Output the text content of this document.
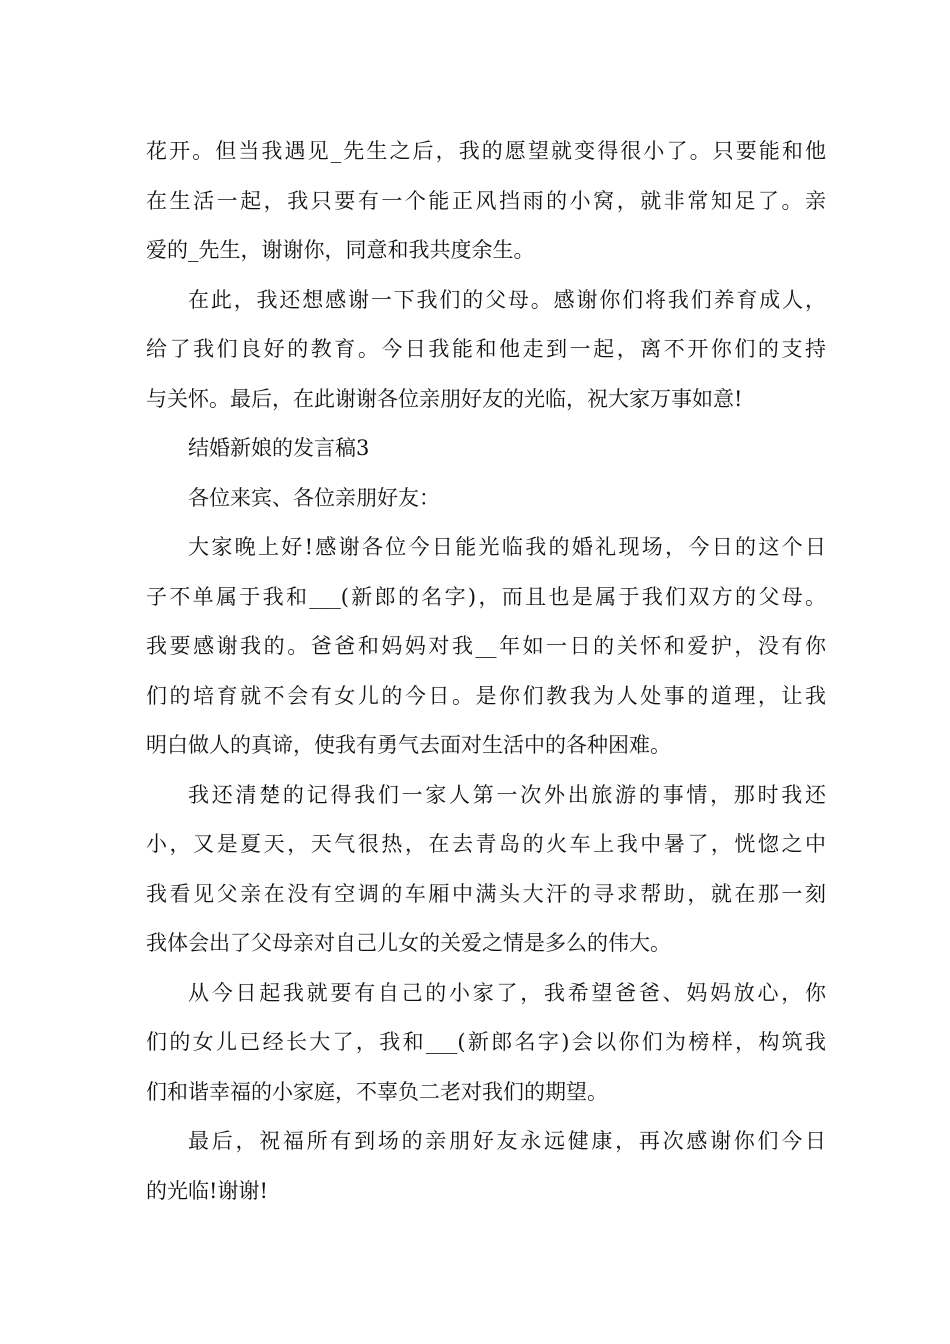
花开。但当我遇见_先生之后，我的愿望就变得很小了。只要能和他
在生活一起，我只要有一个能正风挡雨的小窝，就非常知足了。亲
爱的_先生，谢谢你，同意和我共度余生。
在此，我还想感谢一下我们的父母。感谢你们将我们养育成人，
给了我们良好的教育。今日我能和他走到一起，离不开你们的支持
与关怀。最后，在此谢谢各位亲朋好友的光临，祝大家万事如意!
结婚新娘的发言稿3
各位来宾、各位亲朋好友：
大家晚上好!感谢各位今日能光临我的婚礼现场，今日的这个日
子不单属于我和___(新郎的名字)，而且也是属于我们双方的父母。
我要感谢我的。爸爸和妈妈对我__年如一日的关怀和爱护，没有你
们的培育就不会有女儿的今日。是你们教我为人处事的道理，让我
明白做人的真谛，使我有勇气去面对生活中的各种困难。
我还清楚的记得我们一家人第一次外出旅游的事情，那时我还
小，又是夏天，天气很热，在去青岛的火车上我中暑了，恍惚之中
我看见父亲在没有空调的车厢中满头大汗的寻求帮助，就在那一刻
我体会出了父母亲对自己儿女的关爱之情是多么的伟大。
从今日起我就要有自己的小家了，我希望爸爸、妈妈放心，你
们的女儿已经长大了，我和___(新郎名字)会以你们为榜样，构筑我
们和谐幸福的小家庭，不辜负二老对我们的期望。
最后，祝福所有到场的亲朋好友永远健康，再次感谢你们今日
的光临!谢谢!
